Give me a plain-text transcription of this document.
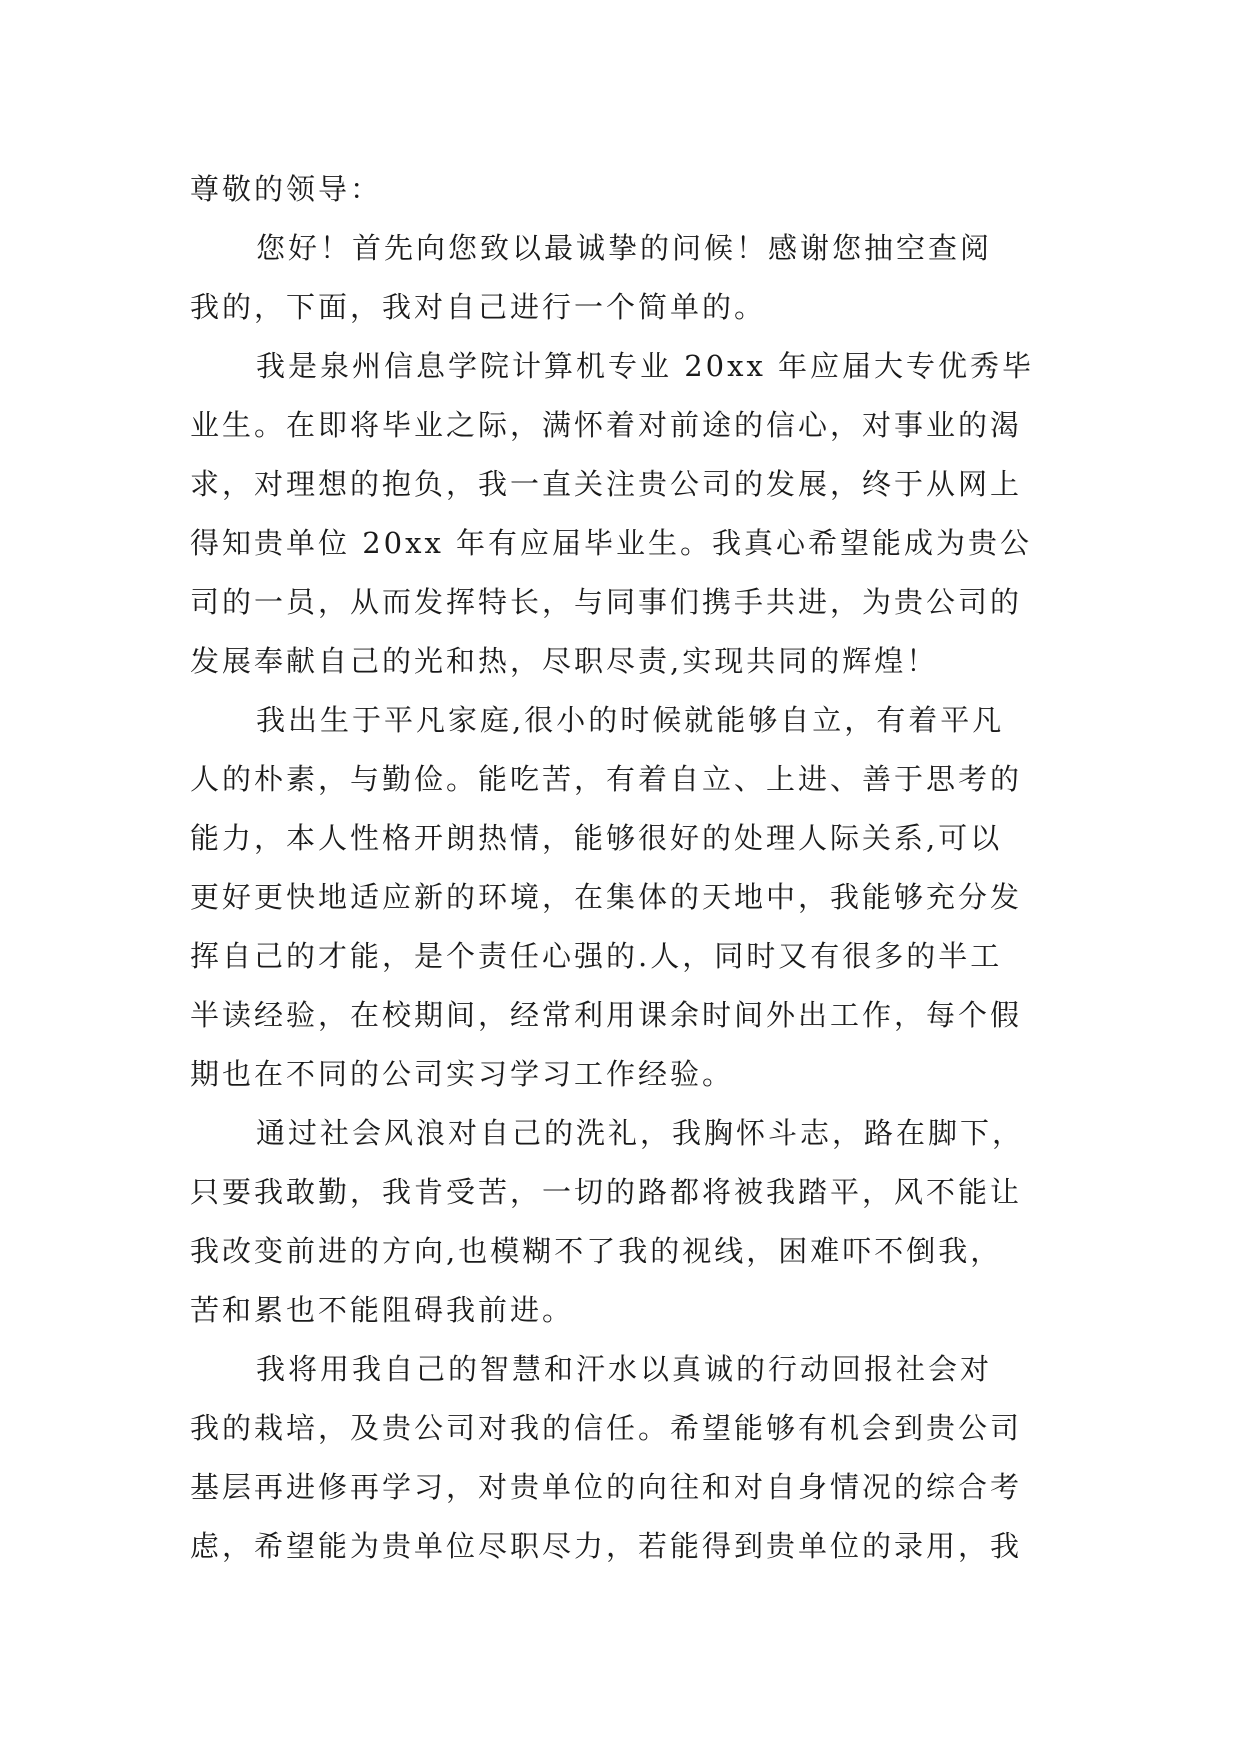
尊敬的领导：
您好！首先向您致以最诚挚的问候！感谢您抽空查阅
我的，下面，我对自己进行一个简单的。
我是泉州信息学院计算机专业 20xx 年应届大专优秀毕
业生。在即将毕业之际，满怀着对前途的信心，对事业的渴
求，对理想的抱负，我一直关注贵公司的发展，终于从网上
得知贵单位 20xx 年有应届毕业生。我真心希望能成为贵公
司的一员，从而发挥特长，与同事们携手共进，为贵公司的
发展奉献自己的光和热，尽职尽责,实现共同的辉煌！
我出生于平凡家庭,很小的时候就能够自立，有着平凡
人的朴素，与勤俭。能吃苦，有着自立、上进、善于思考的
能力，本人性格开朗热情，能够很好的处理人际关系,可以
更好更快地适应新的环境，在集体的天地中，我能够充分发
挥自己的才能，是个责任心强的.人，同时又有很多的半工
半读经验，在校期间，经常利用课余时间外出工作，每个假
期也在不同的公司实习学习工作经验。
通过社会风浪对自己的洗礼，我胸怀斗志，路在脚下，
只要我敢勤，我肯受苦，一切的路都将被我踏平，风不能让
我改变前进的方向,也模糊不了我的视线，困难吓不倒我，
苦和累也不能阻碍我前进。
我将用我自己的智慧和汗水以真诚的行动回报社会对
我的栽培，及贵公司对我的信任。希望能够有机会到贵公司
基层再进修再学习，对贵单位的向往和对自身情况的综合考
虑，希望能为贵单位尽职尽力，若能得到贵单位的录用，我
